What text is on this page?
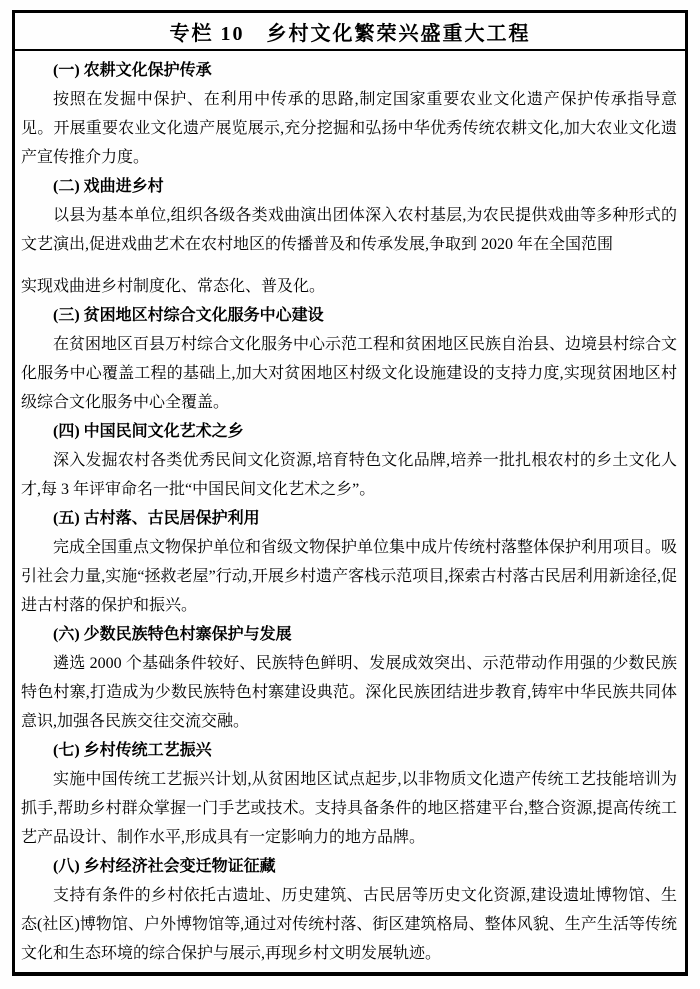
专栏 10　乡村文化繁荣兴盛重大工程

(一) 农耕文化保护传承

按照在发掘中保护、在利用中传承的思路,制定国家重要农业文化遗产保护传承指导意见。开展重要农业文化遗产展览展示,充分挖掘和弘扬中华优秀传统农耕文化,加大农业文化遗产宣传推介力度。

(二) 戏曲进乡村

以县为基本单位,组织各级各类戏曲演出团体深入农村基层,为农民提供戏曲等多种形式的文艺演出,促进戏曲艺术在农村地区的传播普及和传承发展,争取到 2020 年在全国范围

实现戏曲进乡村制度化、常态化、普及化。

(三) 贫困地区村综合文化服务中心建设

在贫困地区百县万村综合文化服务中心示范工程和贫困地区民族自治县、边境县村综合文化服务中心覆盖工程的基础上,加大对贫困地区村级文化设施建设的支持力度,实现贫困地区村级综合文化服务中心全覆盖。

(四) 中国民间文化艺术之乡

深入发掘农村各类优秀民间文化资源,培育特色文化品牌,培养一批扎根农村的乡土文化人才,每 3 年评审命名一批“中国民间文化艺术之乡”。

(五) 古村落、古民居保护利用

完成全国重点文物保护单位和省级文物保护单位集中成片传统村落整体保护利用项目。吸引社会力量,实施“拯救老屋”行动,开展乡村遗产客栈示范项目,探索古村落古民居利用新途径,促进古村落的保护和振兴。

(六) 少数民族特色村寨保护与发展

遴选 2000 个基础条件较好、民族特色鲜明、发展成效突出、示范带动作用强的少数民族特色村寨,打造成为少数民族特色村寨建设典范。深化民族团结进步教育,铸牢中华民族共同体意识,加强各民族交往交流交融。

(七) 乡村传统工艺振兴

实施中国传统工艺振兴计划,从贫困地区试点起步,以非物质文化遗产传统工艺技能培训为抓手,帮助乡村群众掌握一门手艺或技术。支持具备条件的地区搭建平台,整合资源,提高传统工艺产品设计、制作水平,形成具有一定影响力的地方品牌。

(八) 乡村经济社会变迁物证征藏

支持有条件的乡村依托古遗址、历史建筑、古民居等历史文化资源,建设遗址博物馆、生态(社区)博物馆、户外博物馆等,通过对传统村落、街区建筑格局、整体风貌、生产生活等传统文化和生态环境的综合保护与展示,再现乡村文明发展轨迹。
